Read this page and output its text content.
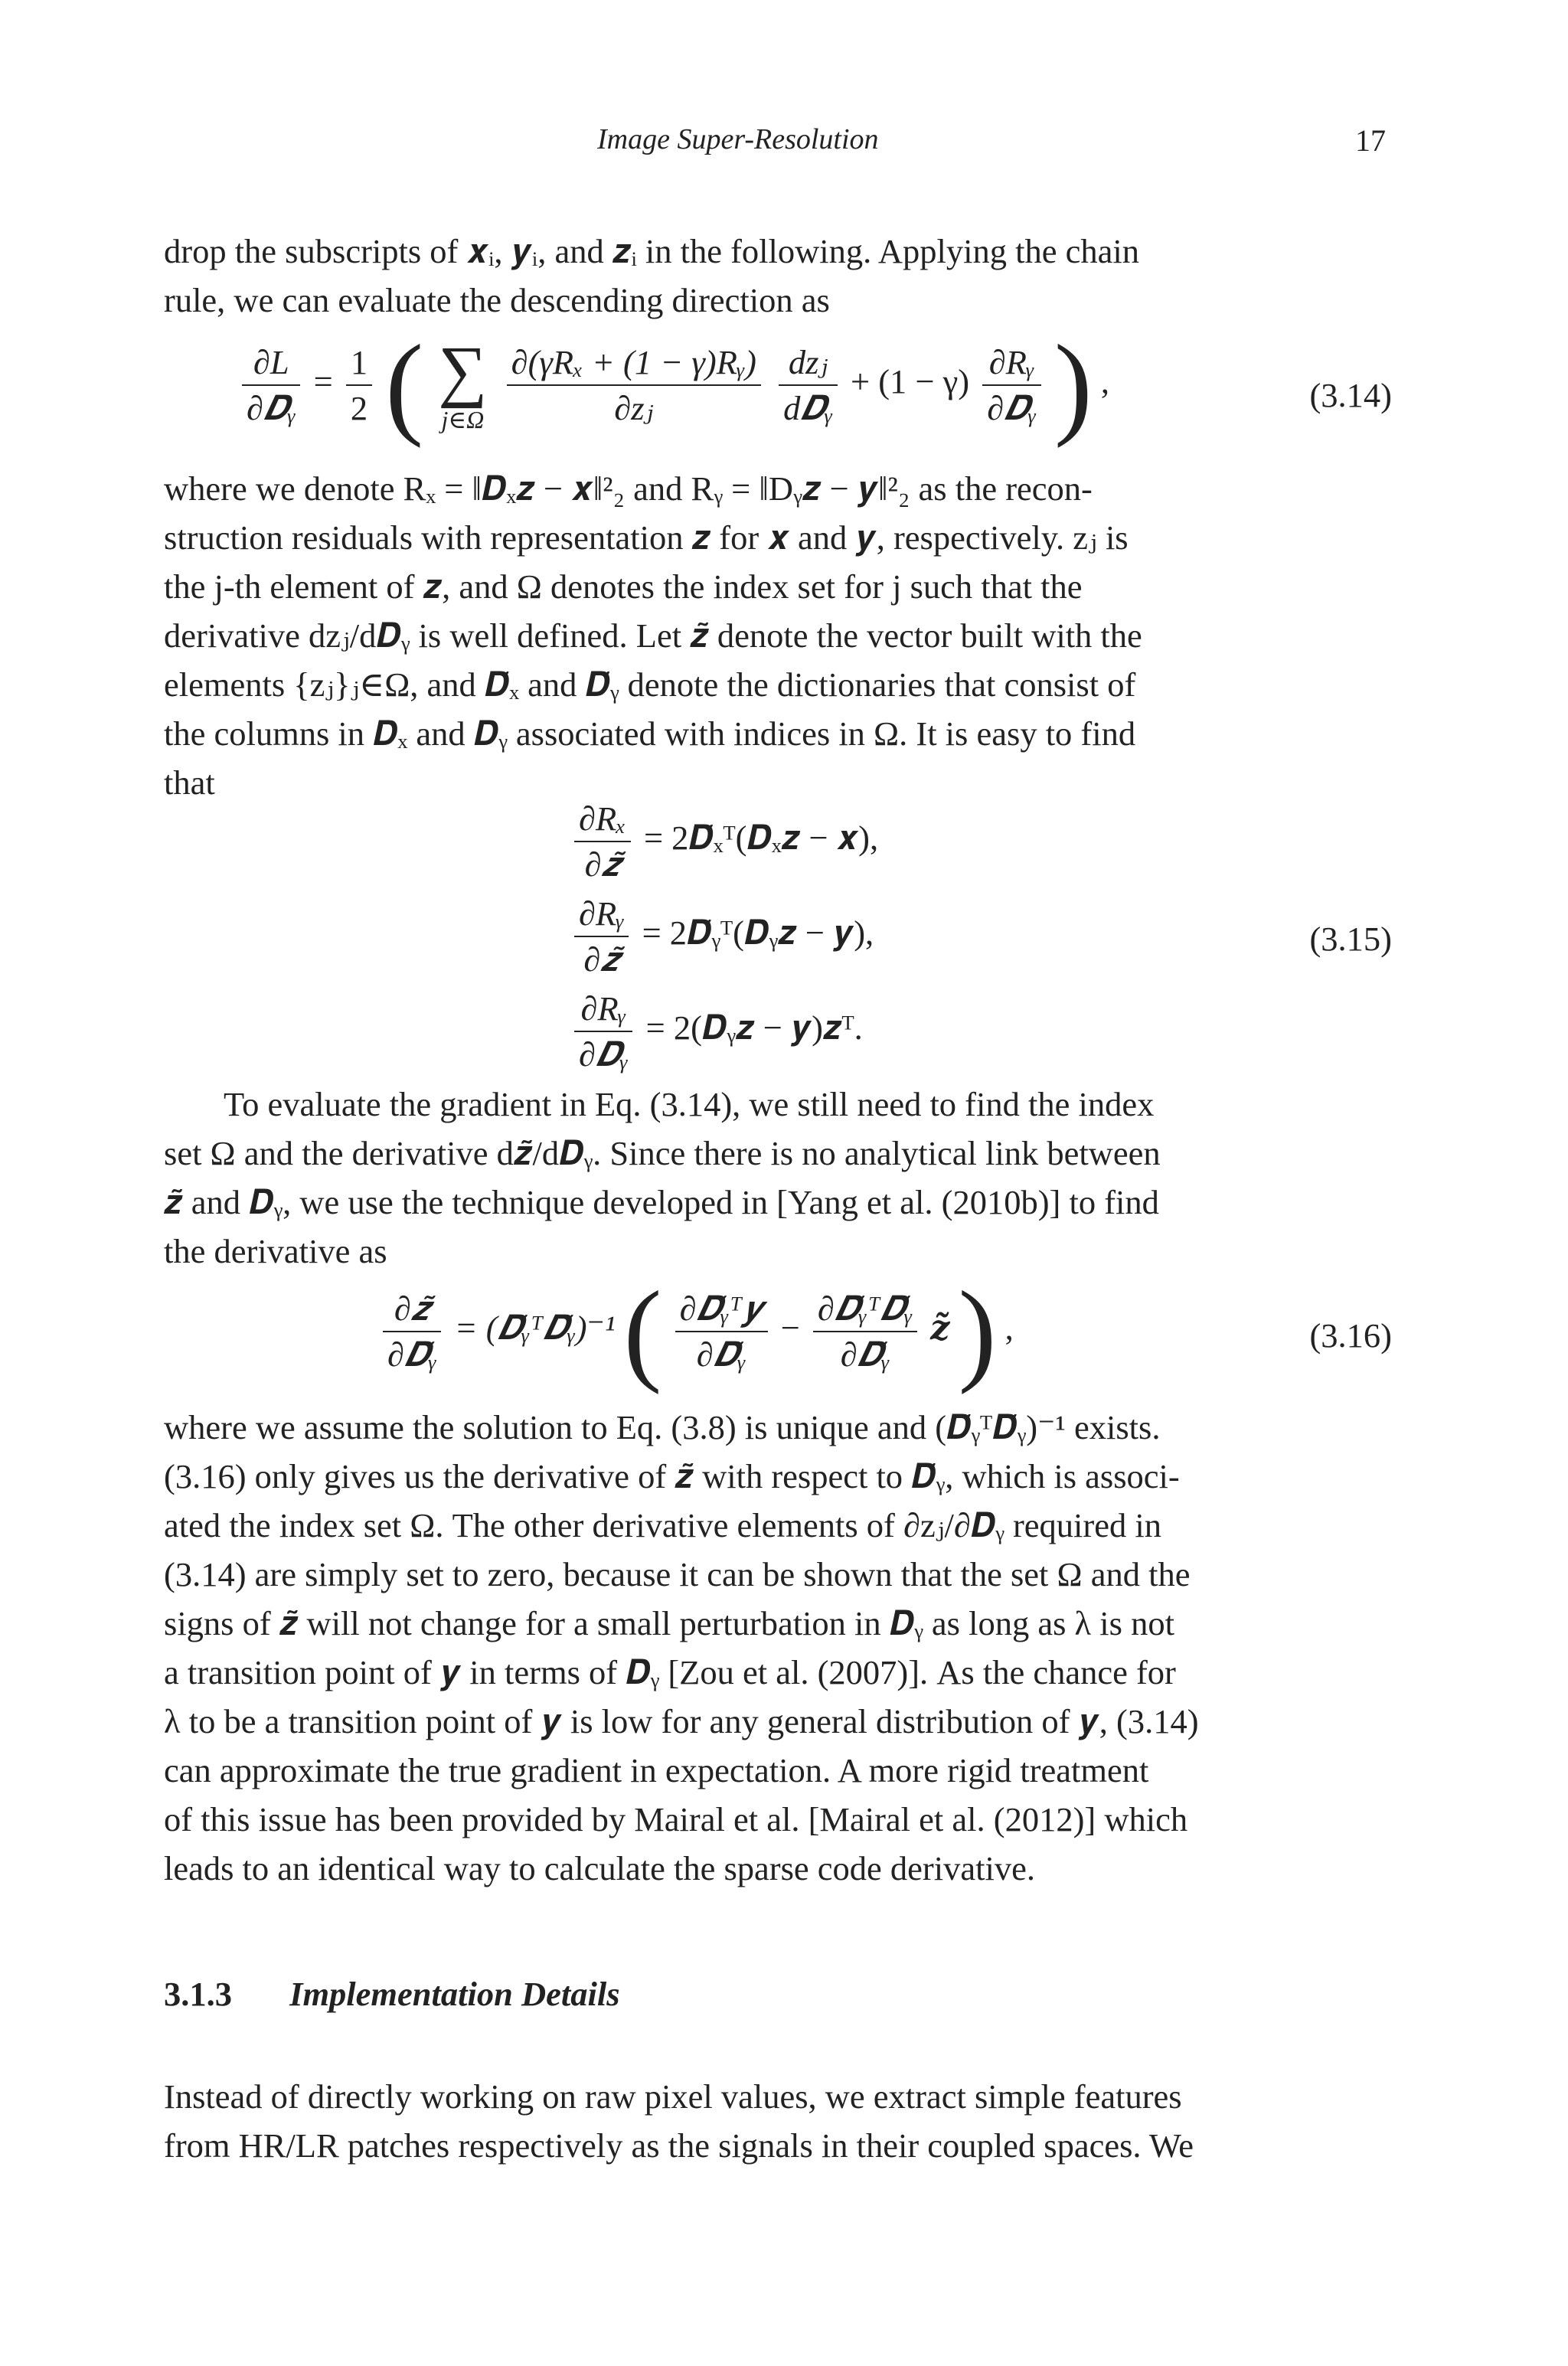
Image Super-Resolution	17

drop the subscripts of 𝒙ᵢ, 𝒚ᵢ, and 𝒛ᵢ in the following. Applying the chain

rule, we can evaluate the descending direction as

$\frac{\partial L}{\text{∂𝑫ᵧ}} = \frac{1}{2}$ ( ∑
j∈Ω
$\frac{\text{∂(γRₓ + (1 − γ)Rᵧ)}}{\text{∂zⱼ}}$
$\frac{\text{dzⱼ}}{\text{d𝑫ᵧ}} + (1 - \gamma) \frac{\text{∂Rᵧ}}{\text{∂𝑫ᵧ}}$ ) ,	(3.14)

where we denote Rₓ = ‖𝑫ₓ𝒛 − 𝒙‖²₂ and Rᵧ = ‖Dᵧ𝒛 − 𝒚‖²₂ as the recon-

struction residuals with representation 𝒛 for 𝒙 and 𝒚, respectively. zⱼ is

the j-th element of 𝒛, and Ω denotes the index set for j such that the

derivative dzⱼ/d𝑫ᵧ is well defined. Let 𝒛̃ denote the vector built with the

elements {zⱼ}ⱼ∈Ω, and 𝑫̃ₓ and 𝑫̃ᵧ denote the dictionaries that consist of

the columns in 𝑫ₓ and 𝑫ᵧ associated with indices in Ω. It is easy to find

that

$\frac{\text{∂Rₓ}}{\text{∂𝒛̃}}$ = 2𝑫̃ₓᵀ(𝑫ₓ𝒛 − 𝒙),
$\frac{\text{∂Rᵧ}}{\text{∂𝒛̃}}$ = 2𝑫̃ᵧᵀ(𝑫ᵧ𝒛 − 𝒚),
$\frac{\text{∂Rᵧ}}{\text{∂𝑫ᵧ}}$ = 2(𝑫ᵧ𝒛 − 𝒚)𝒛ᵀ.
(3.15)

To evaluate the gradient in Eq. (3.14), we still need to find the index

set Ω and the derivative d𝒛̃/d𝑫ᵧ. Since there is no analytical link between

𝒛̃ and 𝑫ᵧ, we use the technique developed in [Yang et al. (2010b)] to find

the derivative as

$\frac{\text{∂𝒛̃}}{\text{∂𝑫̃ᵧ}}$ = (𝑫̃ᵧᵀ𝑫̃ᵧ)⁻¹ ( $\frac{\text{∂𝑫̃ᵧᵀ𝒚}}{\text{∂𝑫̃ᵧ}} - \frac{\text{∂𝑫̃ᵧᵀ𝑫̃ᵧ}}{\text{∂𝑫̃ᵧ}}$ 𝒛̃ ) ,	(3.16)

where we assume the solution to Eq. (3.8) is unique and (𝑫̃ᵧᵀ𝑫̃ᵧ)⁻¹ exists.

(3.16) only gives us the derivative of 𝒛̃ with respect to 𝑫̃ᵧ, which is associ-

ated the index set Ω. The other derivative elements of ∂zⱼ/∂𝑫ᵧ required in

(3.14) are simply set to zero, because it can be shown that the set Ω and the

signs of 𝒛̃ will not change for a small perturbation in 𝑫ᵧ as long as λ is not

a transition point of 𝒚 in terms of 𝑫ᵧ [Zou et al. (2007)]. As the chance for

λ to be a transition point of 𝒚 is low for any general distribution of 𝒚, (3.14)

can approximate the true gradient in expectation. A more rigid treatment

of this issue has been provided by Mairal et al. [Mairal et al. (2012)] which

leads to an identical way to calculate the sparse code derivative.

3.1.3 Implementation Details

Instead of directly working on raw pixel values, we extract simple features

from HR/LR patches respectively as the signals in their coupled spaces. We
